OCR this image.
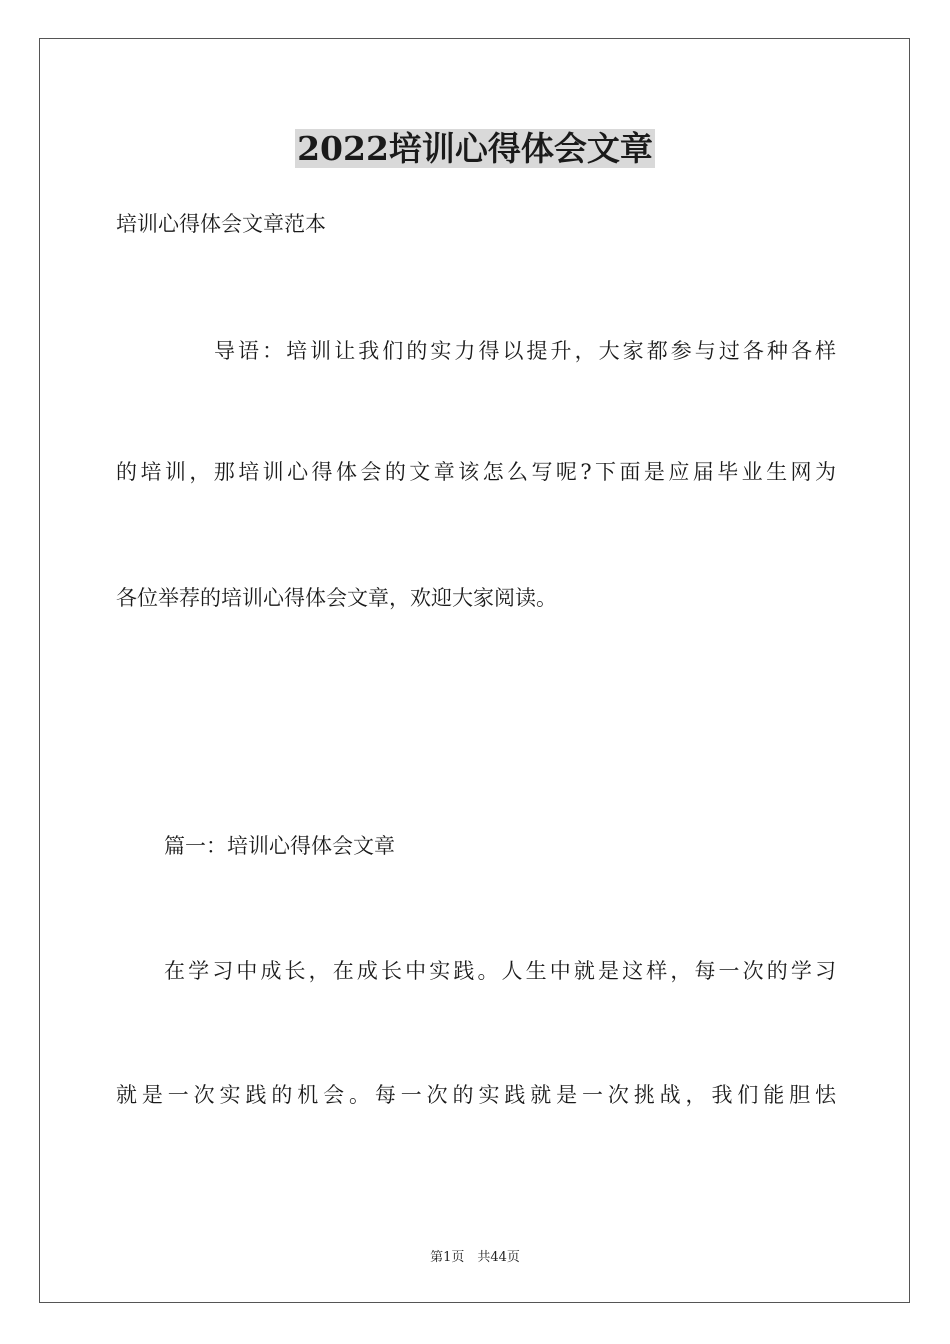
2022培训心得体会文章
培训心得体会文章范本
导语：培训让我们的实力得以提升，大家都参与过各种各样
的培训，那培训心得体会的文章该怎么写呢?下面是应届毕业生网为
各位举荐的培训心得体会文章，欢迎大家阅读。
篇一：培训心得体会文章
在学习中成长，在成长中实践。人生中就是这样，每一次的学习
就是一次实践的机会。每一次的实践就是一次挑战，我们能胆怯
第1页　共44页
